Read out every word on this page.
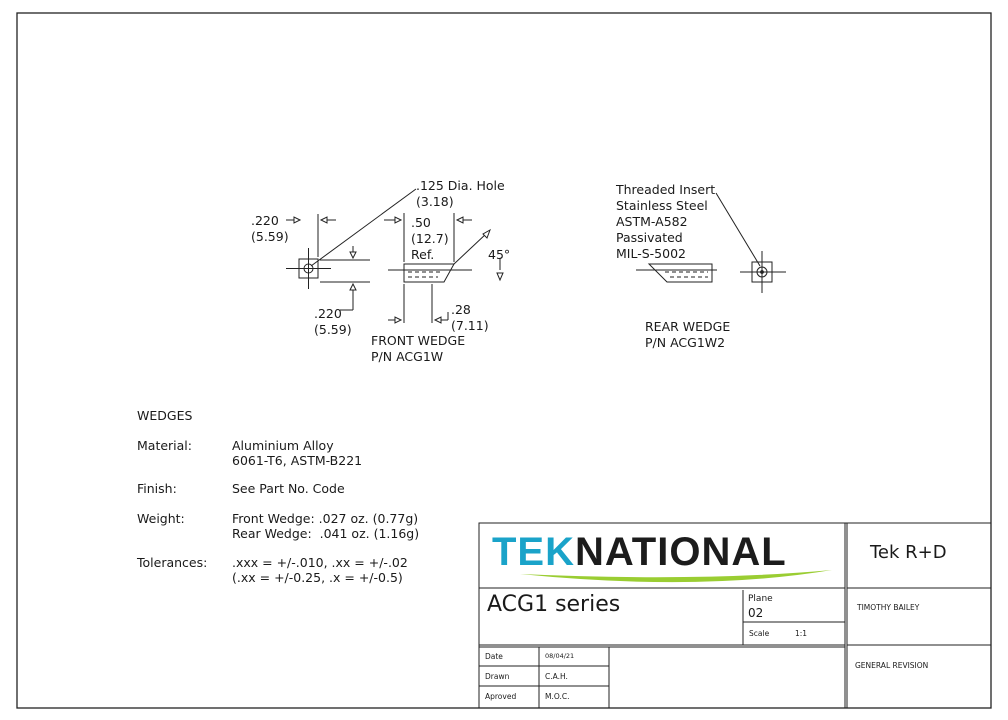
.125 Dia. Hole
(3.18)
.220
(5.59)
.220
(5.59)
.50
(12.7)
Ref.	45°
.28
(7.11)
FRONT WEDGE
P/N ACG1W
Threaded Insert
Stainless Steel
ASTM-A582
Passivated
MIL-S-5002
REAR WEDGE
P/N ACG1W2
WEDGES
Material:	Aluminium Alloy
6061-T6, ASTM-B221
Finish:	See Part No. Code
Weight:	Front Wedge: .027 oz. (0.77g)
Rear Wedge:  .041 oz. (1.16g)
Tolerances: .xxx = +/-.010, .xx = +/-.02
(.xx = +/-0.25, .x = +/-0.5)
TEKNATIONAL	Tek R+D
ACG1 series	Plane
02
Scale	1:1
TIMOTHY BAILEY
GENERAL REVISION
Date	08/04/21
Drawn	C.A.H.
Aproved	M.O.C.
